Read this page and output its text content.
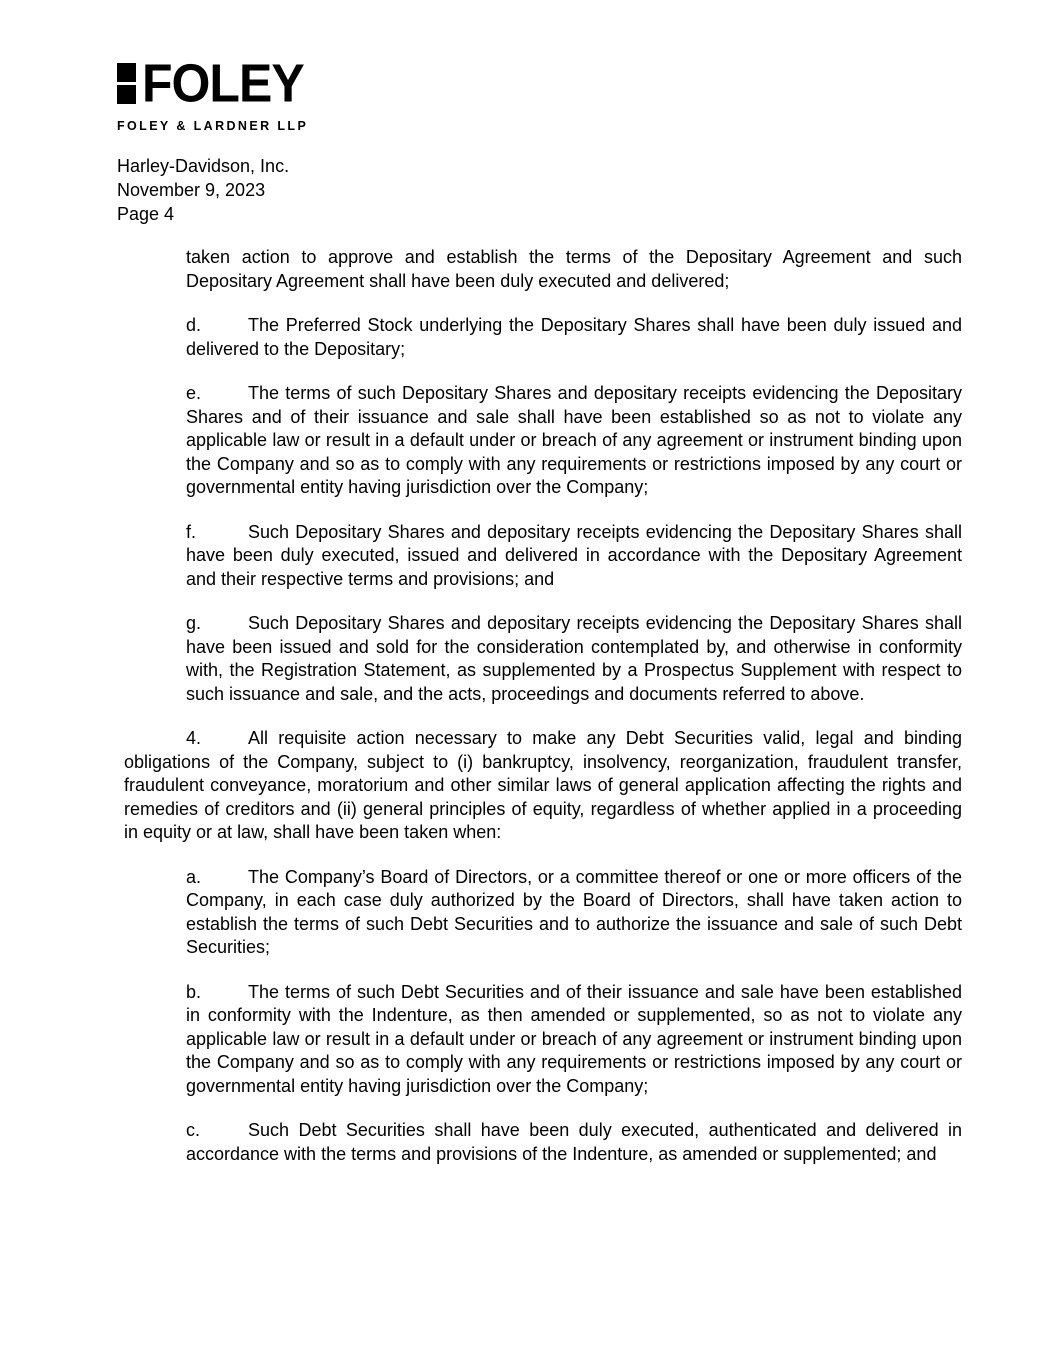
FOLEY
FOLEY & LARDNER LLP
Harley-Davidson, Inc.
November 9, 2023
Page 4

taken action to approve and establish the terms of the Depositary Agreement and such Depositary Agreement shall have been duly executed and delivered;

d.	The Preferred Stock underlying the Depositary Shares shall have been duly issued and delivered to the Depositary;

e.	The terms of such Depositary Shares and depositary receipts evidencing the Depositary Shares and of their issuance and sale shall have been established so as not to violate any applicable law or result in a default under or breach of any agreement or instrument binding upon the Company and so as to comply with any requirements or restrictions imposed by any court or governmental entity having jurisdiction over the Company;

f.	Such Depositary Shares and depositary receipts evidencing the Depositary Shares shall have been duly executed, issued and delivered in accordance with the Depositary Agreement and their respective terms and provisions; and

g.	Such Depositary Shares and depositary receipts evidencing the Depositary Shares shall have been issued and sold for the consideration contemplated by, and otherwise in conformity with, the Registration Statement, as supplemented by a Prospectus Supplement with respect to such issuance and sale, and the acts, proceedings and documents referred to above.

4.	All requisite action necessary to make any Debt Securities valid, legal and binding obligations of the Company, subject to (i) bankruptcy, insolvency, reorganization, fraudulent transfer, fraudulent conveyance, moratorium and other similar laws of general application affecting the rights and remedies of creditors and (ii) general principles of equity, regardless of whether applied in a proceeding in equity or at law, shall have been taken when:

a.	The Company’s Board of Directors, or a committee thereof or one or more officers of the Company, in each case duly authorized by the Board of Directors, shall have taken action to establish the terms of such Debt Securities and to authorize the issuance and sale of such Debt Securities;

b.	The terms of such Debt Securities and of their issuance and sale have been established in conformity with the Indenture, as then amended or supplemented, so as not to violate any applicable law or result in a default under or breach of any agreement or instrument binding upon the Company and so as to comply with any requirements or restrictions imposed by any court or governmental entity having jurisdiction over the Company;

c.	Such Debt Securities shall have been duly executed, authenticated and delivered in accordance with the terms and provisions of the Indenture, as amended or supplemented; and
